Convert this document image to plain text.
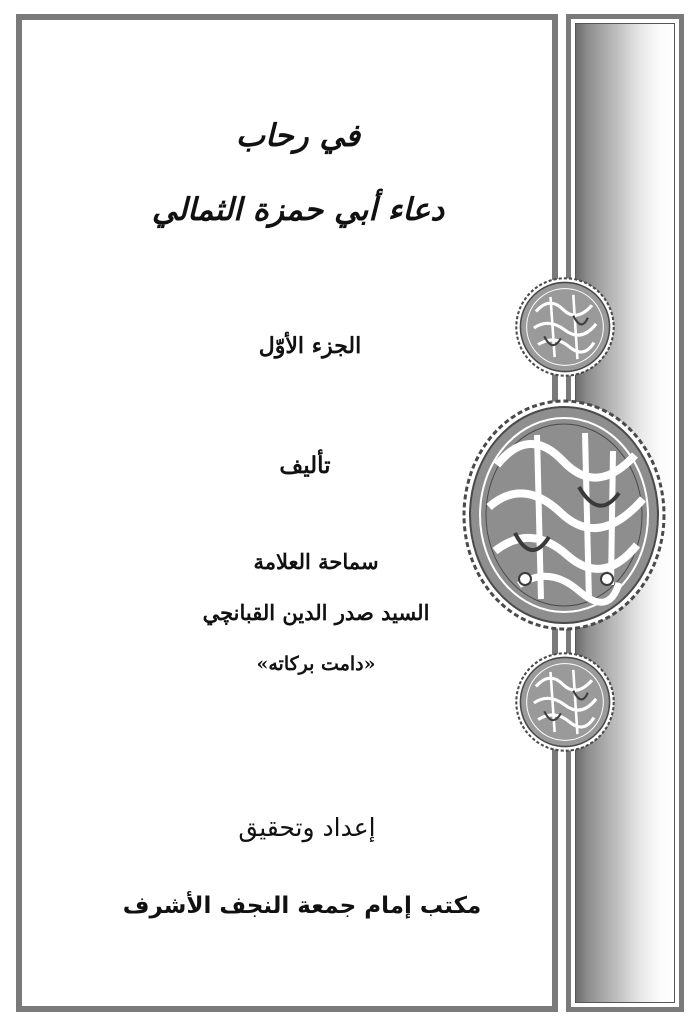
في رحاب

دعاء أبي حمزة الثمالي

الجزء الأوّل

تأليف

سماحة العلامة

السيد صدر الدين القبانچي

«دامت بركاته»

إعداد وتحقيق

مكتب إمام جمعة النجف الأشرف
